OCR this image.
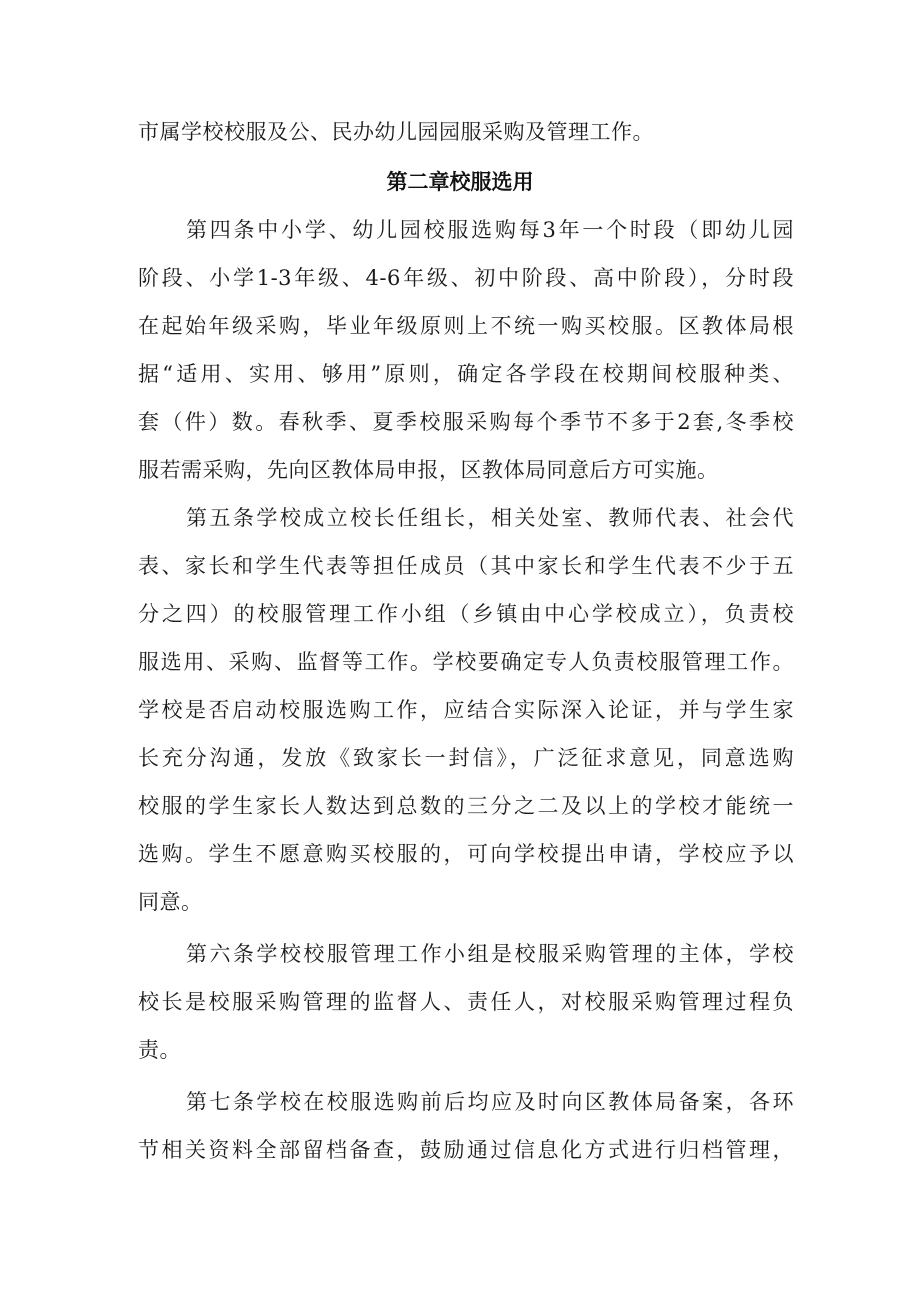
市属学校校服及公、民办幼儿园园服采购及管理工作。
第二章校服选用
第四条中小学、幼儿园校服选购每3年一个时段（即幼儿园
阶段、小学1-3年级、4-6年级、初中阶段、高中阶段），分时段
在起始年级采购，毕业年级原则上不统一购买校服。区教体局根
据“适用、实用、够用”原则，确定各学段在校期间校服种类、
套（件）数。春秋季、夏季校服采购每个季节不多于2套,冬季校
服若需采购，先向区教体局申报，区教体局同意后方可实施。
第五条学校成立校长任组长，相关处室、教师代表、社会代
表、家长和学生代表等担任成员（其中家长和学生代表不少于五
分之四）的校服管理工作小组（乡镇由中心学校成立），负责校
服选用、采购、监督等工作。学校要确定专人负责校服管理工作。
学校是否启动校服选购工作，应结合实际深入论证，并与学生家
长充分沟通，发放《致家长一封信》，广泛征求意见，同意选购
校服的学生家长人数达到总数的三分之二及以上的学校才能统一
选购。学生不愿意购买校服的，可向学校提出申请，学校应予以
同意。
第六条学校校服管理工作小组是校服采购管理的主体，学校
校长是校服采购管理的监督人、责任人，对校服采购管理过程负
责。
第七条学校在校服选购前后均应及时向区教体局备案，各环
节相关资料全部留档备查，鼓励通过信息化方式进行归档管理，
